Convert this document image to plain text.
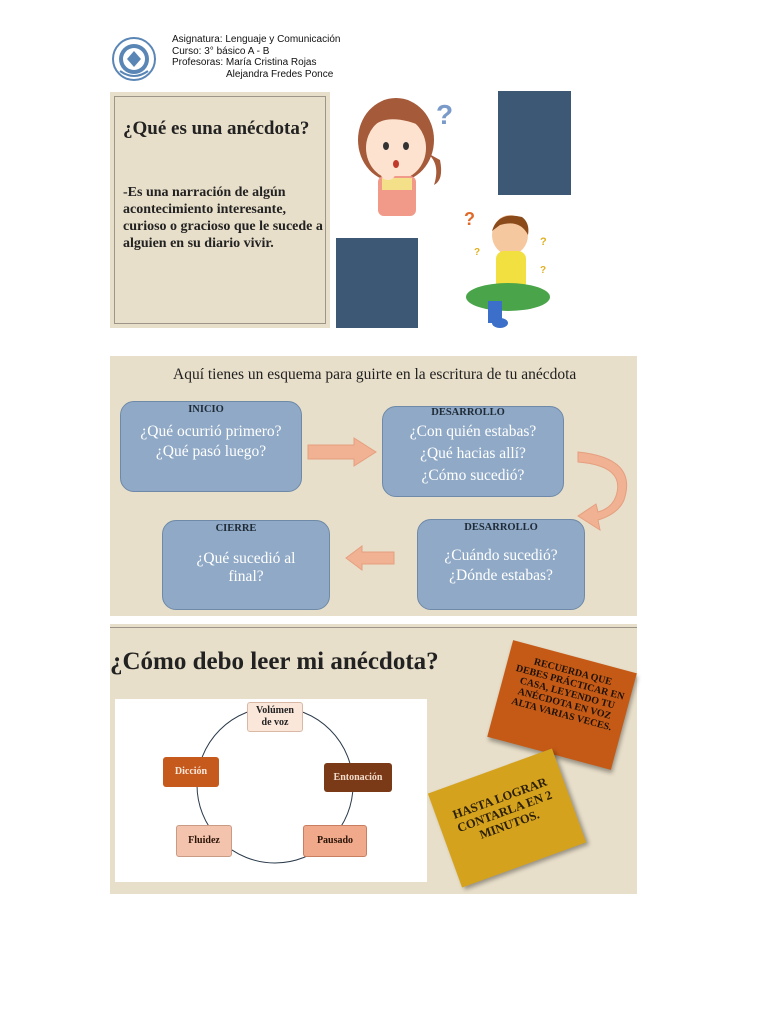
Asignatura: Lenguaje y Comunicación
Curso: 3° básico A - B
Profesoras: María Cristina Rojas
Alejandra Fredes Ponce
¿Qué es una anécdota?
-Es una narración de algún acontecimiento interesante, curioso o gracioso que le sucede a alguien en su diario vivir.
?
?
?
?
?
Aquí tienes un esquema para guirte en la escritura de tu anécdota
INICIO
¿Qué ocurrió primero?
¿Qué pasó luego?
DESARROLLO
¿Con quién estabas?
¿Qué hacias allí?
¿Cómo sucedió?
DESARROLLO
¿Cuándo sucedió?
¿Dónde estabas?
CIERRE
¿Qué sucedió al
final?
¿Cómo debo leer mi anécdota?
Volúmen
de voz
Entonación
Pausado
Fluidez
Dicción
RECUERDA QUE DEBES PRÁCTICAR EN CASA, LEYENDO TU ANÉCDOTA EN VOZ ALTA VARIAS VECES.
HASTA LOGRAR CONTARLA EN 2 MINUTOS.
